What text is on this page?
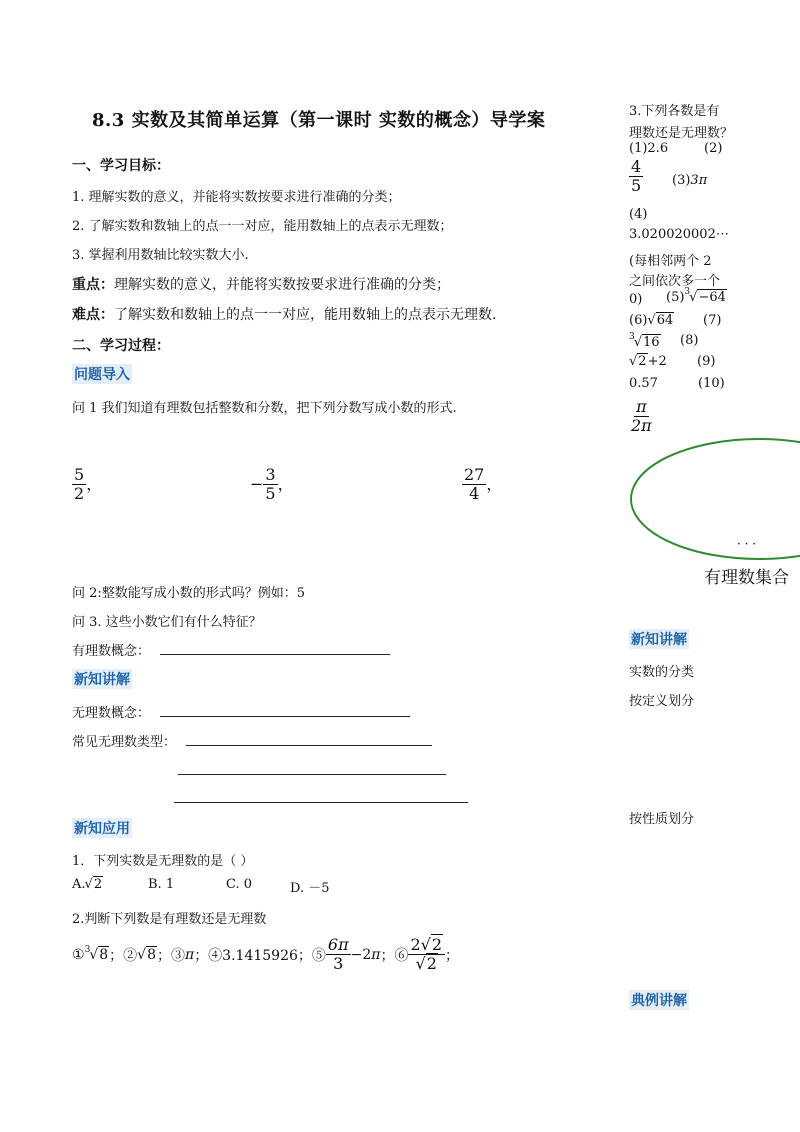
8.3 实数及其简单运算（第一课时 实数的概念）导学案
一、学习目标：
1. 理解实数的意义，并能将实数按要求进行准确的分类；
2. 了解实数和数轴上的点一一对应，能用数轴上的点表示无理数；
3. 掌握利用数轴比较实数大小.
重点：理解实数的意义，并能将实数按要求进行准确的分类；
难点：了解实数和数轴上的点一一对应，能用数轴上的点表示无理数.
二、学习过程：
问题导入
问 1 我们知道有理数包括整数和分数，把下列分数写成小数的形式.
$\frac{5}{2}$ ，	− $\frac{3}{5}$ ，	$\frac{27}{4}$ ，
问 2:整数能写成小数的形式吗？例如：5
问 3. 这些小数它们有什么特征？
有理数概念：
新知讲解
无理数概念：
常见无理数类型：
新知应用
1．下列实数是无理数的是（ ）
A.√2	B. 1	C. 0	D. －5
2.判断下列数是有理数还是无理数
① $^3$√8 ；② √8 ；③ π ；④3.1415926；⑤ $\frac{6\pi}{3} -2$ π ；⑥ $\frac{2√2}{√2}$ ；
3.下列各数是有
理数还是无理数？
(1)2.6	(2)
$\frac{4}{5} (3)3\pi$
(4)
3.020020002⋯
(每相邻两个 2
之间依次多一个
0) $(5)^3√-64$
(6)√64 (7)
$^3$√16 (8)
√2+2 (9)
0.57	(10)
$\frac{\pi}{2\pi}$
· · ·
有理数集合
新知讲解
实数的分类
按定义划分
按性质划分
典例讲解
